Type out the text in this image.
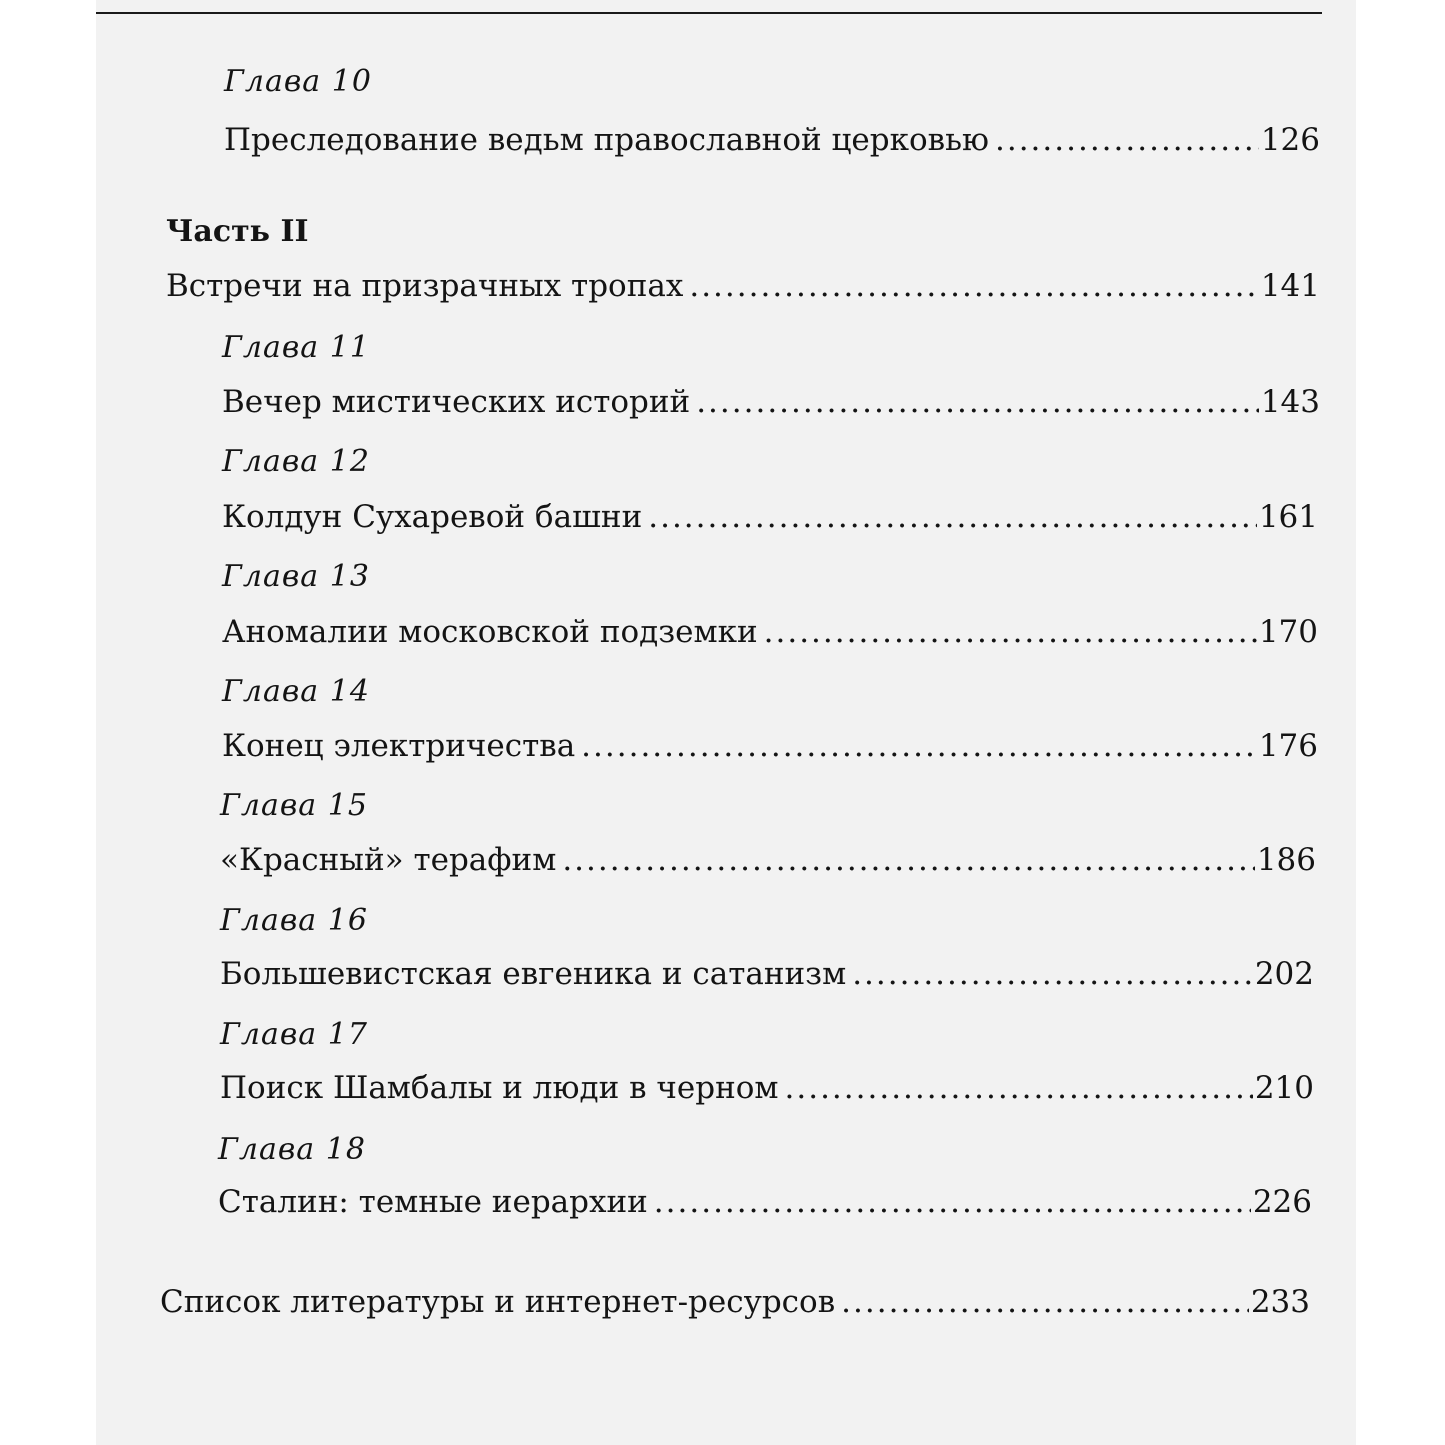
Глава 10
Преследование ведьм православной церковью .....	126
Часть II
Встречи на призрачных тропах .....	141
Глава 11
Вечер мистических историй .....	143
Глава 12
Колдун Сухаревой башни .....	161
Глава 13
Аномалии московской подземки .....	170
Глава 14
Конец электричества .....	176
Глава 15
«Красный» терафим .....	186
Глава 16
Большевистская евгеника и сатанизм .....	202
Глава 17
Поиск Шамбалы и люди в черном .....	210
Глава 18
Сталин: темные иерархии .....	226
Список литературы и интернет-ресурсов .....	233
